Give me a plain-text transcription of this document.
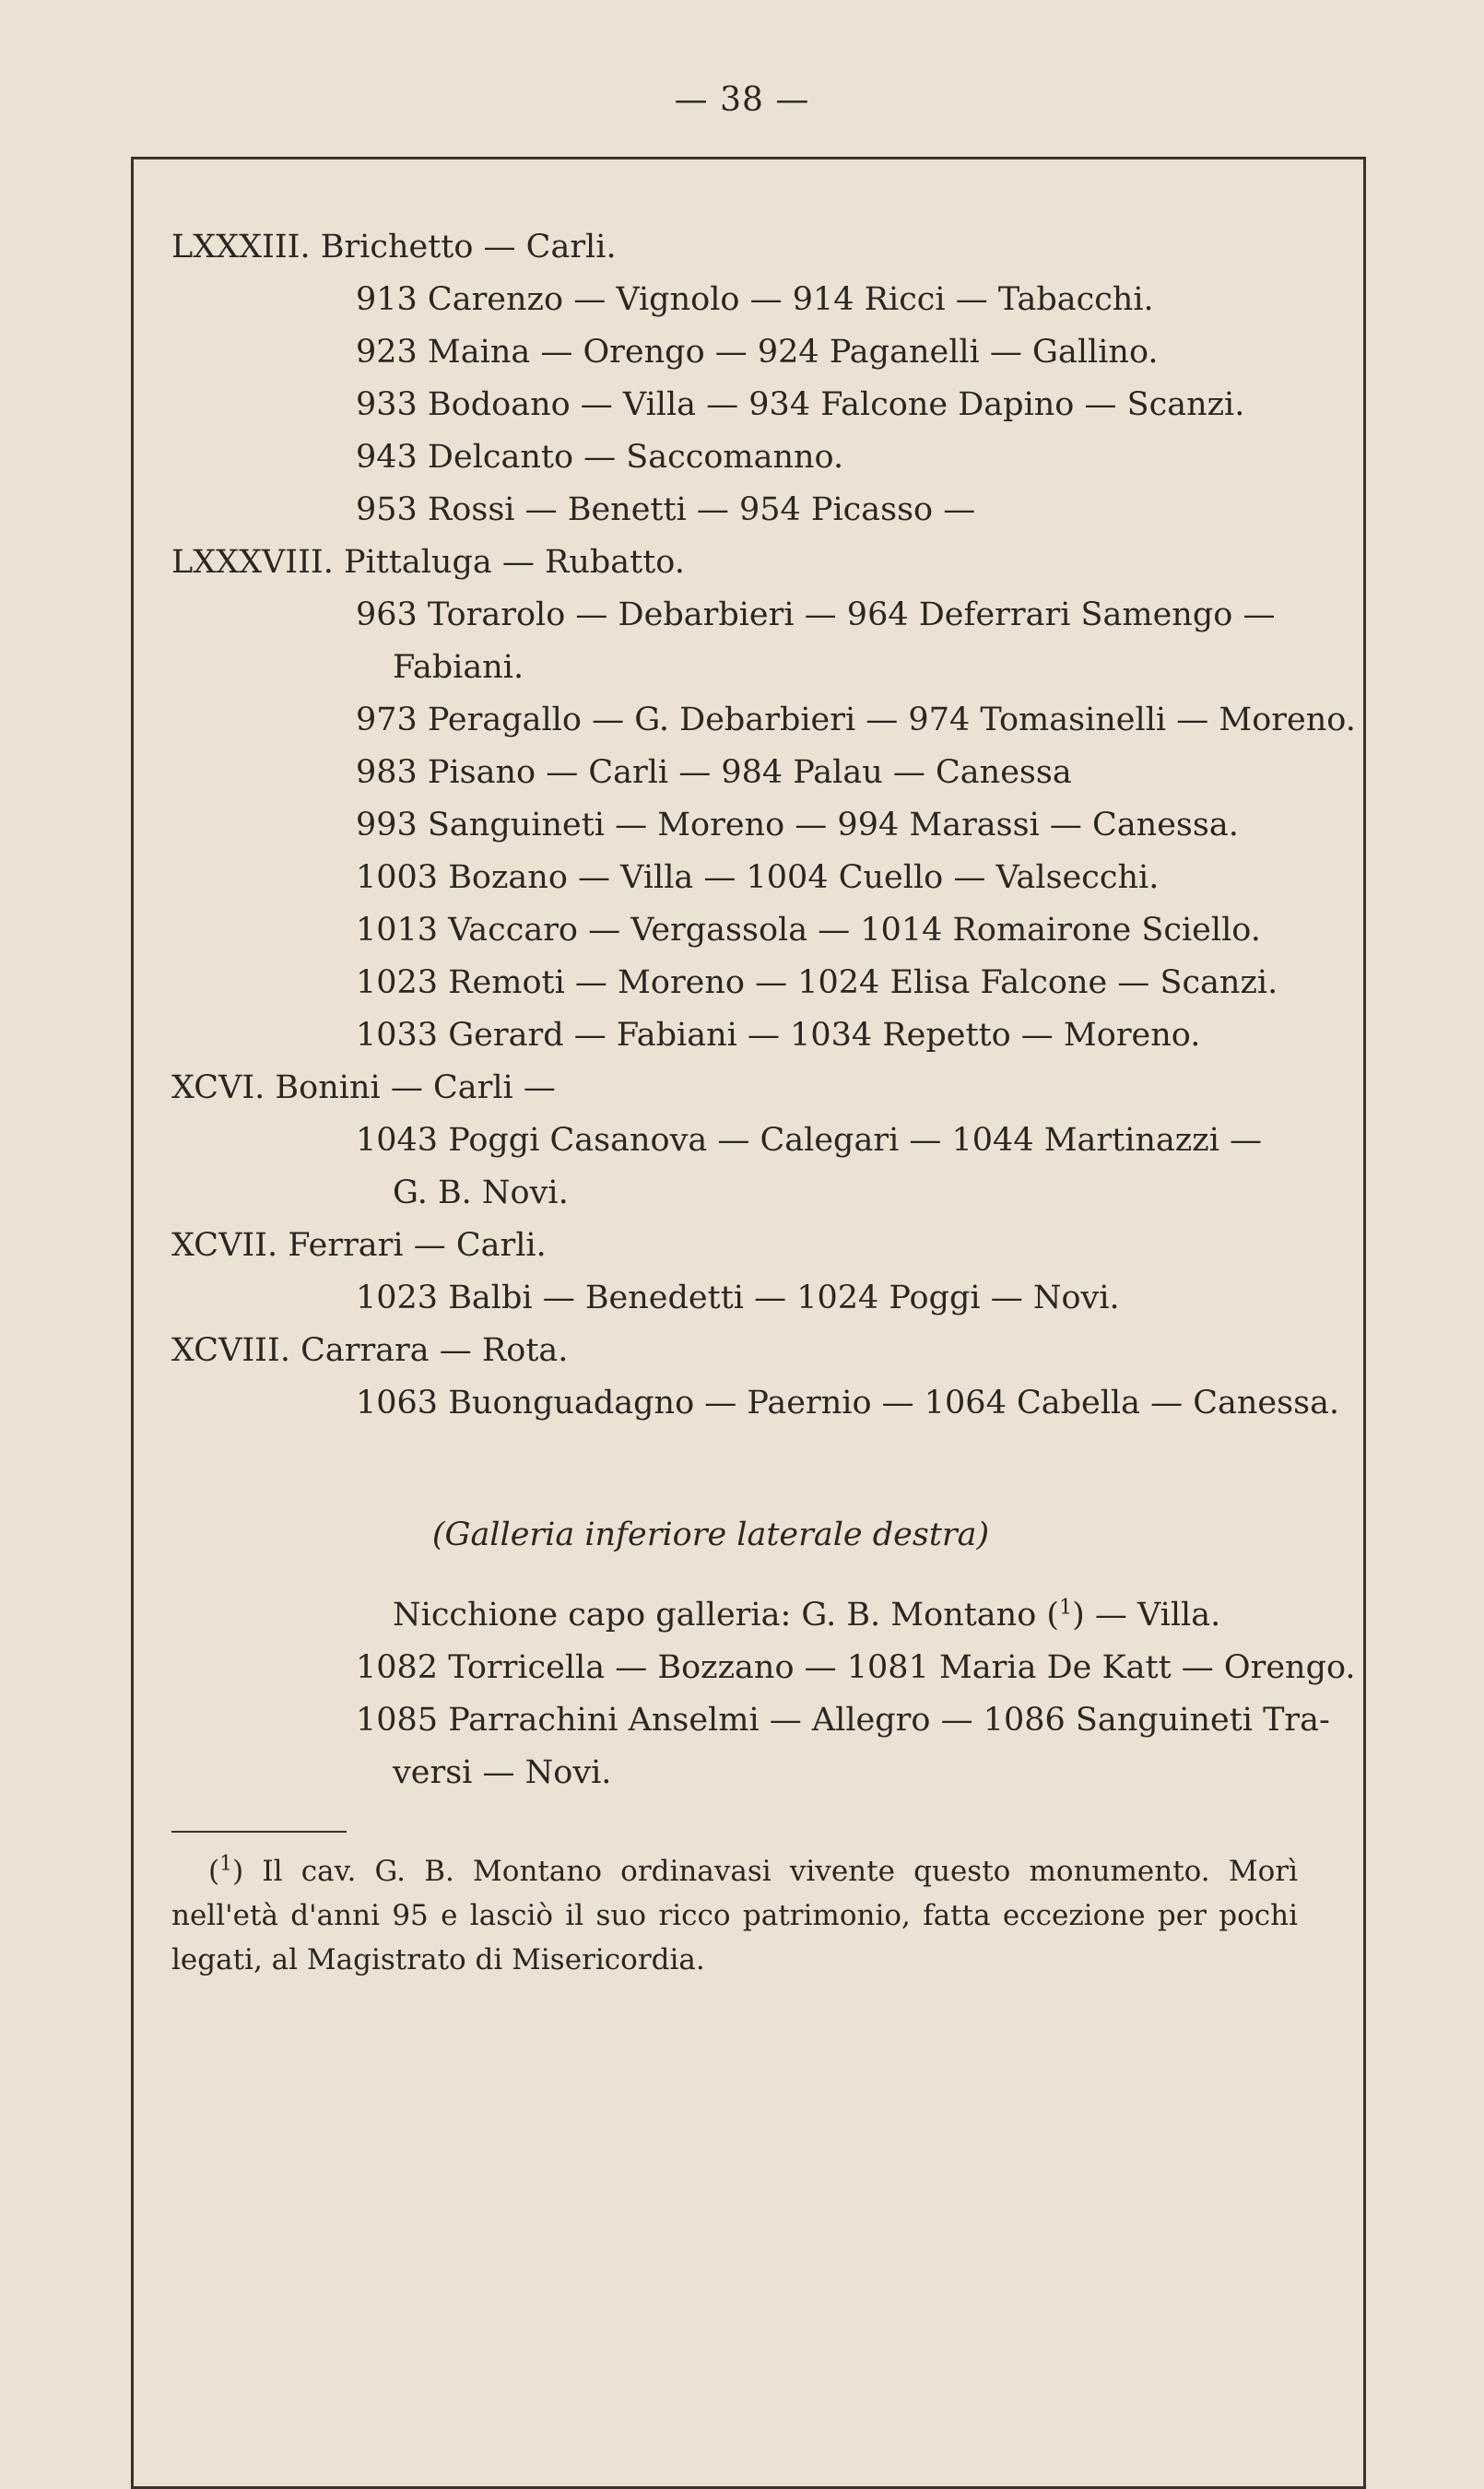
— 38 —
LXXXIII. Brichetto — Carli.
913 Carenzo — Vignolo — 914 Ricci — Tabacchi.
923 Maina — Orengo — 924 Paganelli — Gallino.
933 Bodoano — Villa — 934 Falcone Dapino — Scanzi.
943 Delcanto — Saccomanno.
953 Rossi — Benetti — 954 Picasso —
LXXXVIII. Pittaluga — Rubatto.
963 Torarolo — Debarbieri — 964 Deferrari Samengo —
Fabiani.
973 Peragallo — G. Debarbieri — 974 Tomasinelli — Moreno.
983 Pisano — Carli — 984 Palau — Canessa
993 Sanguineti — Moreno — 994 Marassi — Canessa.
1003 Bozano — Villa — 1004 Cuello — Valsecchi.
1013 Vaccaro — Vergassola — 1014 Romairone Sciello.
1023 Remoti — Moreno — 1024 Elisa Falcone — Scanzi.
1033 Gerard — Fabiani — 1034 Repetto — Moreno.
XCVI. Bonini — Carli —
1043 Poggi Casanova — Calegari — 1044 Martinazzi —
G. B. Novi.
XCVII. Ferrari — Carli.
1023 Balbi — Benedetti — 1024 Poggi — Novi.
XCVIII. Carrara — Rota.
1063 Buonguadagno — Paernio — 1064 Cabella — Canessa.
(Galleria inferiore laterale destra)
Nicchione capo galleria: G. B. Montano ($^1$) — Villa.
1082 Torricella — Bozzano — 1081 Maria De Katt — Orengo.
1085 Parrachini Anselmi — Allegro — 1086 Sanguineti Tra-
versi — Novi.
($^1$) Il cav. G. B. Montano ordinavasi vivente questo monumento. Morì nell'età d'anni 95 e lasciò il suo ricco patrimonio, fatta eccezione per pochi legati, al Magistrato di Misericordia.
